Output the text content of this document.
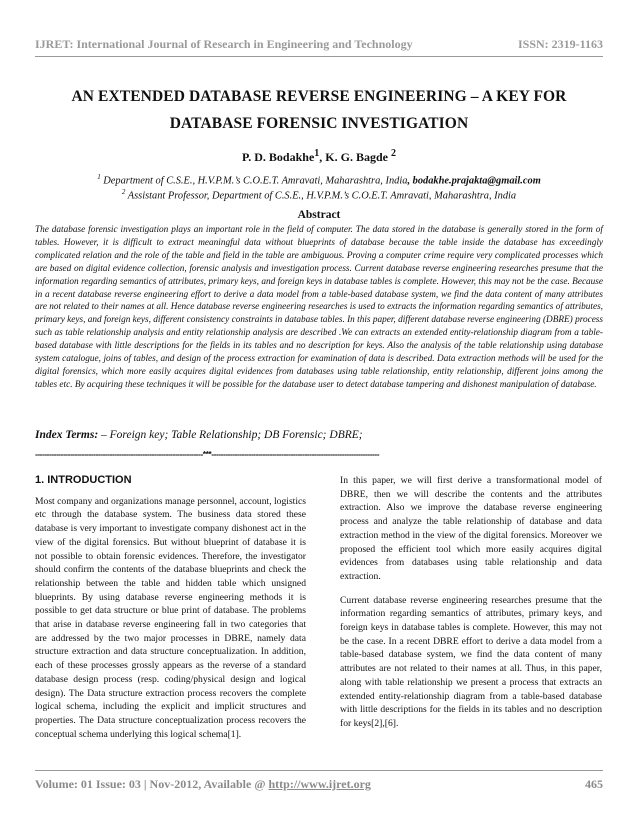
IJRET: International Journal of Research in Engineering and Technology	ISSN: 2319-1163
AN EXTENDED DATABASE REVERSE ENGINEERING – A KEY FOR
DATABASE FORENSIC INVESTIGATION
P. D. Bodakhe$^1$, K. G. Bagde $^2$
$^1$ Department of C.S.E., H.V.P.M.’s C.O.E.T. Amravati, Maharashtra, India, bodakhe.prajakta@gmail.com
$^2$ Assistant Professor, Department of C.S.E., H.V.P.M.’s C.O.E.T. Amravati, Maharashtra, India
Abstract
The database forensic investigation plays an important role in the field of computer. The data stored in the database is generally stored in the form of tables. However, it is difficult to extract meaningful data without blueprints of database because the table inside the database has exceedingly complicated relation and the role of the table and field in the table are ambiguous. Proving a computer crime require very complicated processes which are based on digital evidence collection, forensic analysis and investigation process. Current database reverse engineering researches presume that the information regarding semantics of attributes, primary keys, and foreign keys in database tables is complete. However, this may not be the case. Because in a recent database reverse engineering effort to derive a data model from a table-based database system, we find the data content of many attributes are not related to their names at all. Hence database reverse engineering researches is used to extracts the information regarding semantics of attributes, primary keys, and foreign keys, different consistency constraints in database tables. In this paper, different database reverse engineering (DBRE) process such as table relationship analysis and entity relationship analysis are described .We can extracts an extended entity-relationship diagram from a table-based database with little descriptions for the fields in its tables and no description for keys. Also the analysis of the table relationship using database system catalogue, joins of tables, and design of the process extraction for examination of data is described. Data extraction methods will be used for the digital forensics, which more easily acquires digital evidences from databases using table relationship, entity relationship, different joins among the tables etc. By acquiring these techniques it will be possible for the database user to detect database tampering and dishonest manipulation of database.
Index Terms: – Foreign key; Table Relationship; DB Forensic; DBRE;
------------------------------------------------------------------------***------------------------------------------------------------------------
1. INTRODUCTION

Most company and organizations manage personnel, account, logistics etc through the database system. The business data stored these database is very important to investigate company dishonest act in the view of the digital forensics. But without blueprint of database it is not possible to obtain forensic evidences. Therefore, the investigator should confirm the contents of the database blueprints and check the relationship between the table and hidden table which unsigned blueprints. By using database reverse engineering methods it is possible to get data structure or blue print of database. The problems that arise in database reverse engineering fall in two categories that are addressed by the two major processes in DBRE, namely data structure extraction and data structure conceptualization. In addition, each of these processes grossly appears as the reverse of a standard database design process (resp. coding/physical design and logical design). The Data structure extraction process recovers the complete logical schema, including the explicit and implicit structures and properties. The Data structure conceptualization process recovers the conceptual schema underlying this logical schema[1].

In this paper, we will first derive a transformational model of DBRE, then we will describe the contents and the attributes extraction. Also we improve the database reverse engineering process and analyze the table relationship of database and data extraction method in the view of the digital forensics. Moreover we proposed the efficient tool which more easily acquires digital evidences from databases using table relationship and data extraction.

Current database reverse engineering researches presume that the information regarding semantics of attributes, primary keys, and foreign keys in database tables is complete. However, this may not be the case. In a recent DBRE effort to derive a data model from a table-based database system, we find the data content of many attributes are not related to their names at all. Thus, in this paper, along with table relationship we present a process that extracts an extended entity-relationship diagram from a table-based database with little descriptions for the fields in its tables and no description for keys[2],[6].

Volume: 01 Issue: 03 | Nov-2012, Available @ http://www.ijret.org	465
